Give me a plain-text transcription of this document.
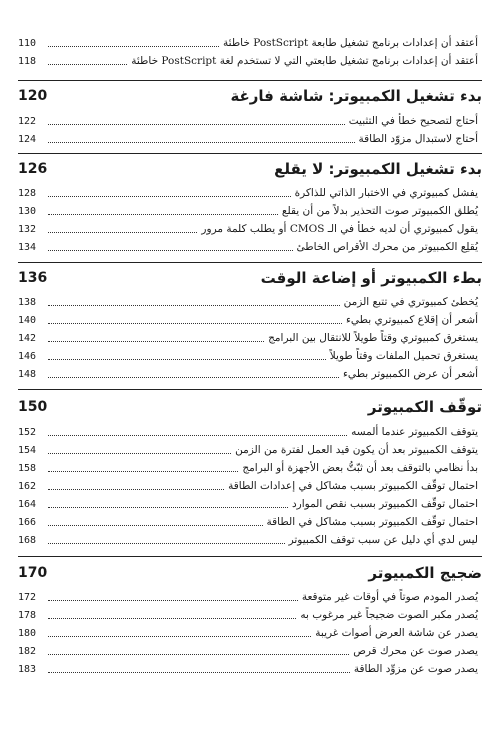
أعتقد أن إعدادات برنامج تشغيل طابعة PostScript خاطئة
110
أعتقد أن إعدادات برنامج تشغيل طابعتي التي لا تستخدم لغة PostScript خاطئة
118
بدء تشغيل الكمبيوتر: شاشة فارغة
120
أحتاج لتصحيح خطأ في التثبيت
122
أحتاج لاستبدال مزوّد الطاقة
124
بدء تشغيل الكمبيوتر: لا يقلع
126
يفشل كمبيوتري في الاختبار الذاتي للذاكرة
128
يُطلق الكمبيوتر صوت التحذير بدلاً من أن يقلع
130
يقول كمبيوتري أن لديه خطأ في الـ CMOS أو يطلب كلمة مرور
132
يُقلِع الكمبيوتر من محرك الأقراص الخاطئ
134
بطء الكمبيوتر أو إضاعة الوقت
136
يُخطئ كمبيوتري في تتبع الزمن
138
أشعر أن إقلاع كمبيوتري بطيء
140
يستغرق كمبيوتري وقتاً طويلاً للانتقال بين البرامج
142
يستغرق تحميل الملفات وقتاً طويلاً
146
أشعر أن عرض الكمبيوتر بطيء
148
توقّف الكمبيوتر
150
يتوقف الكمبيوتر عندما ألمسه
152
يتوقف الكمبيوتر بعد أن يكون قيد العمل لفترة من الزمن
154
بدأ نظامي بالتوقف بعد أن ثبّتُّ بعض الأجهزة أو البرامج
158
احتمال توقّف الكمبيوتر بسبب مشاكل في إعدادات الطاقة
162
احتمال توقّف الكمبيوتر بسبب نقص الموارد
164
احتمال توقّف الكمبيوتر بسبب مشاكل في الطاقة
166
ليس لدي أي دليل عن سبب توقف الكمبيوتر
168
ضجيج الكمبيوتر
170
يُصدر المودم صوتاً في أوقات غير متوقعة
172
يُصدر مكبر الصوت ضجيجاً غير مرغوب به
178
يصدر عن شاشة العرض أصوات غريبة
180
يصدر صوت عن محرك قرص
182
يصدر صوت عن مزوِّد الطاقة
183
